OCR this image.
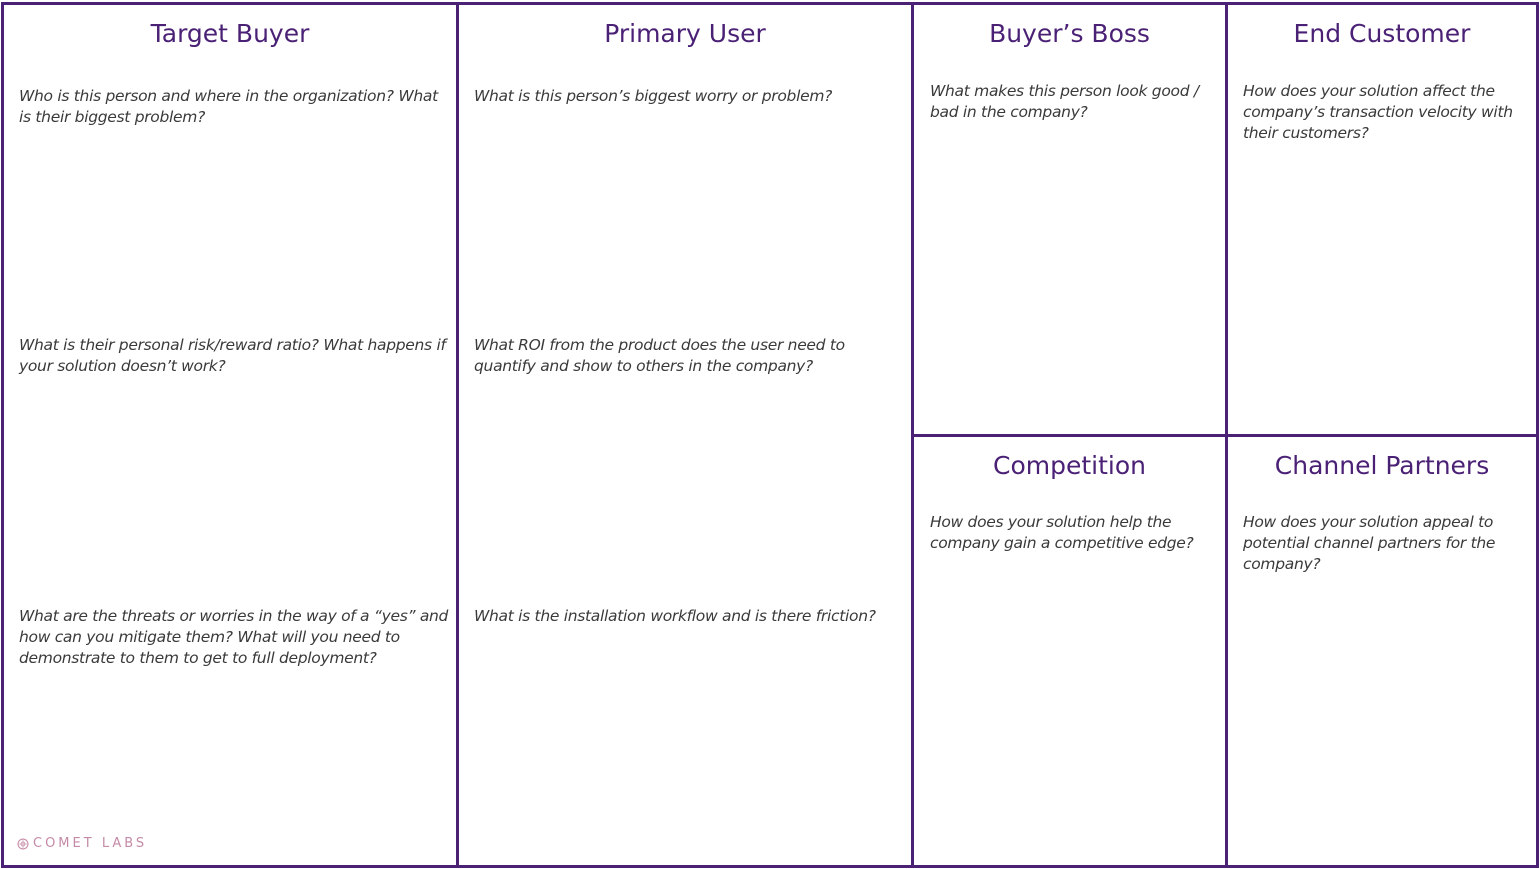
Target Buyer
Who is this person and where in the organization? What is their biggest problem?
What is their personal risk/reward ratio? What happens if your solution doesn’t work?
What are the threats or worries in the way of a “yes” and how can you mitigate them? What will you need to demonstrate to them to get to full deployment?
Primary User
What is this person’s biggest worry or problem?
What ROI from the product does the user need to quantify and show to others in the company?
What is the installation workflow and is there friction?
Buyer’s Boss
What makes this person look good / bad in the company?
End Customer
How does your solution affect the company’s transaction velocity with their customers?
Competition
How does your solution help the company gain a competitive edge?
Channel Partners
How does your solution appeal to potential channel partners for the company?
COMET LABS
